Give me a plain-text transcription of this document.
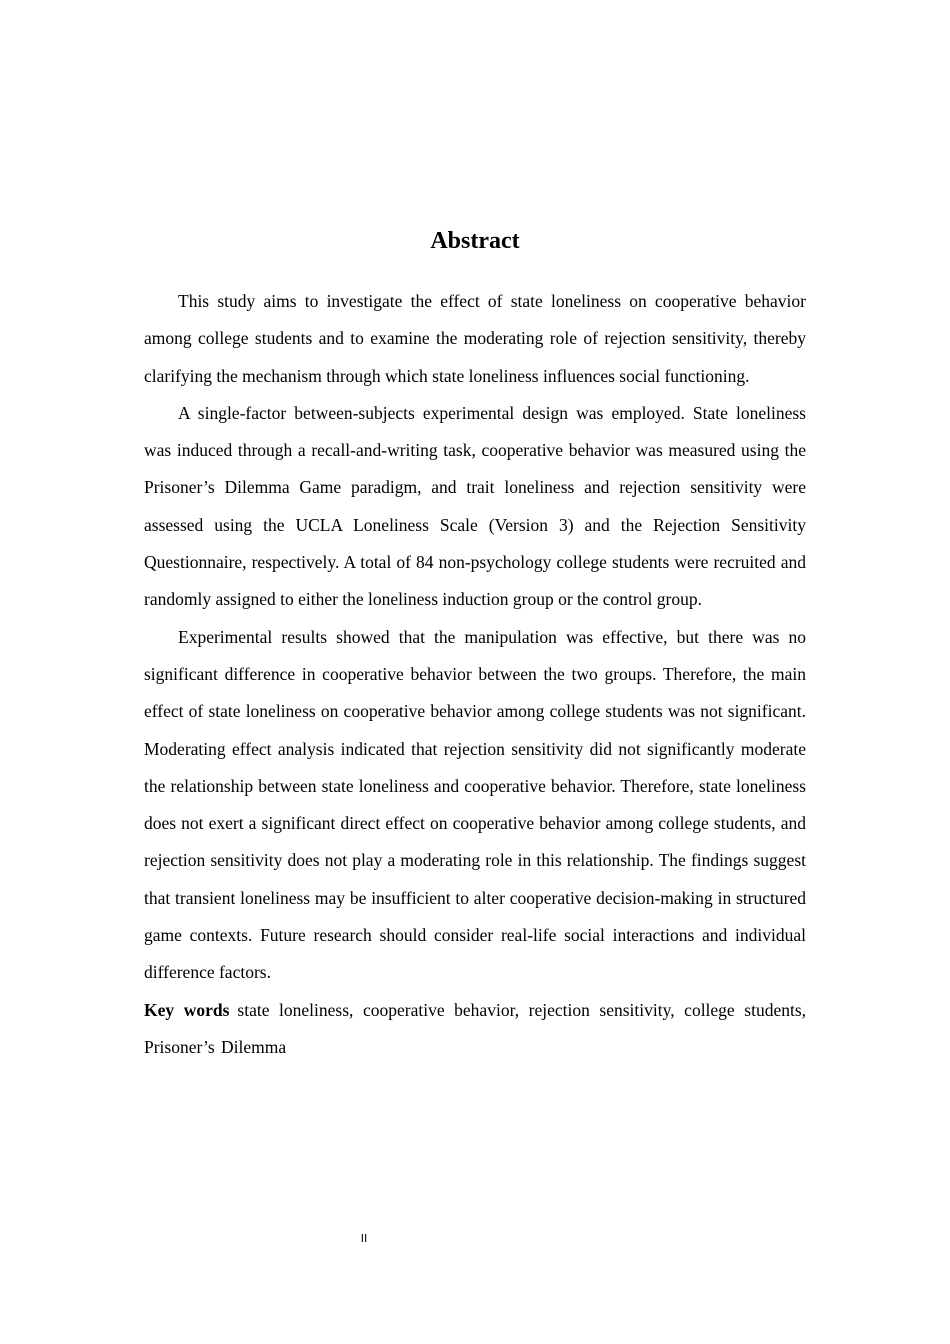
Abstract

This study aims to investigate the effect of state loneliness on cooperative behavior among college students and to examine the moderating role of rejection sensitivity, thereby clarifying the mechanism through which state loneliness influences social functioning.

A single-factor between-subjects experimental design was employed. State loneliness was induced through a recall-and-writing task, cooperative behavior was measured using the Prisoner’s Dilemma Game paradigm, and trait loneliness and rejection sensitivity were assessed using the UCLA Loneliness Scale (Version 3) and the Rejection Sensitivity Questionnaire, respectively. A total of 84 non-psychology college students were recruited and randomly assigned to either the loneliness induction group or the control group.

Experimental results showed that the manipulation was effective, but there was no significant difference in cooperative behavior between the two groups. Therefore, the main effect of state loneliness on cooperative behavior among college students was not significant. Moderating effect analysis indicated that rejection sensitivity did not significantly moderate the relationship between state loneliness and cooperative behavior. Therefore, state loneliness does not exert a significant direct effect on cooperative behavior among college students, and rejection sensitivity does not play a moderating role in this relationship. The findings suggest that transient loneliness may be insufficient to alter cooperative decision-making in structured game contexts. Future research should consider real-life social interactions and individual difference factors.

Key words state loneliness, cooperative behavior, rejection sensitivity, college students, Prisoner’s Dilemma

II
